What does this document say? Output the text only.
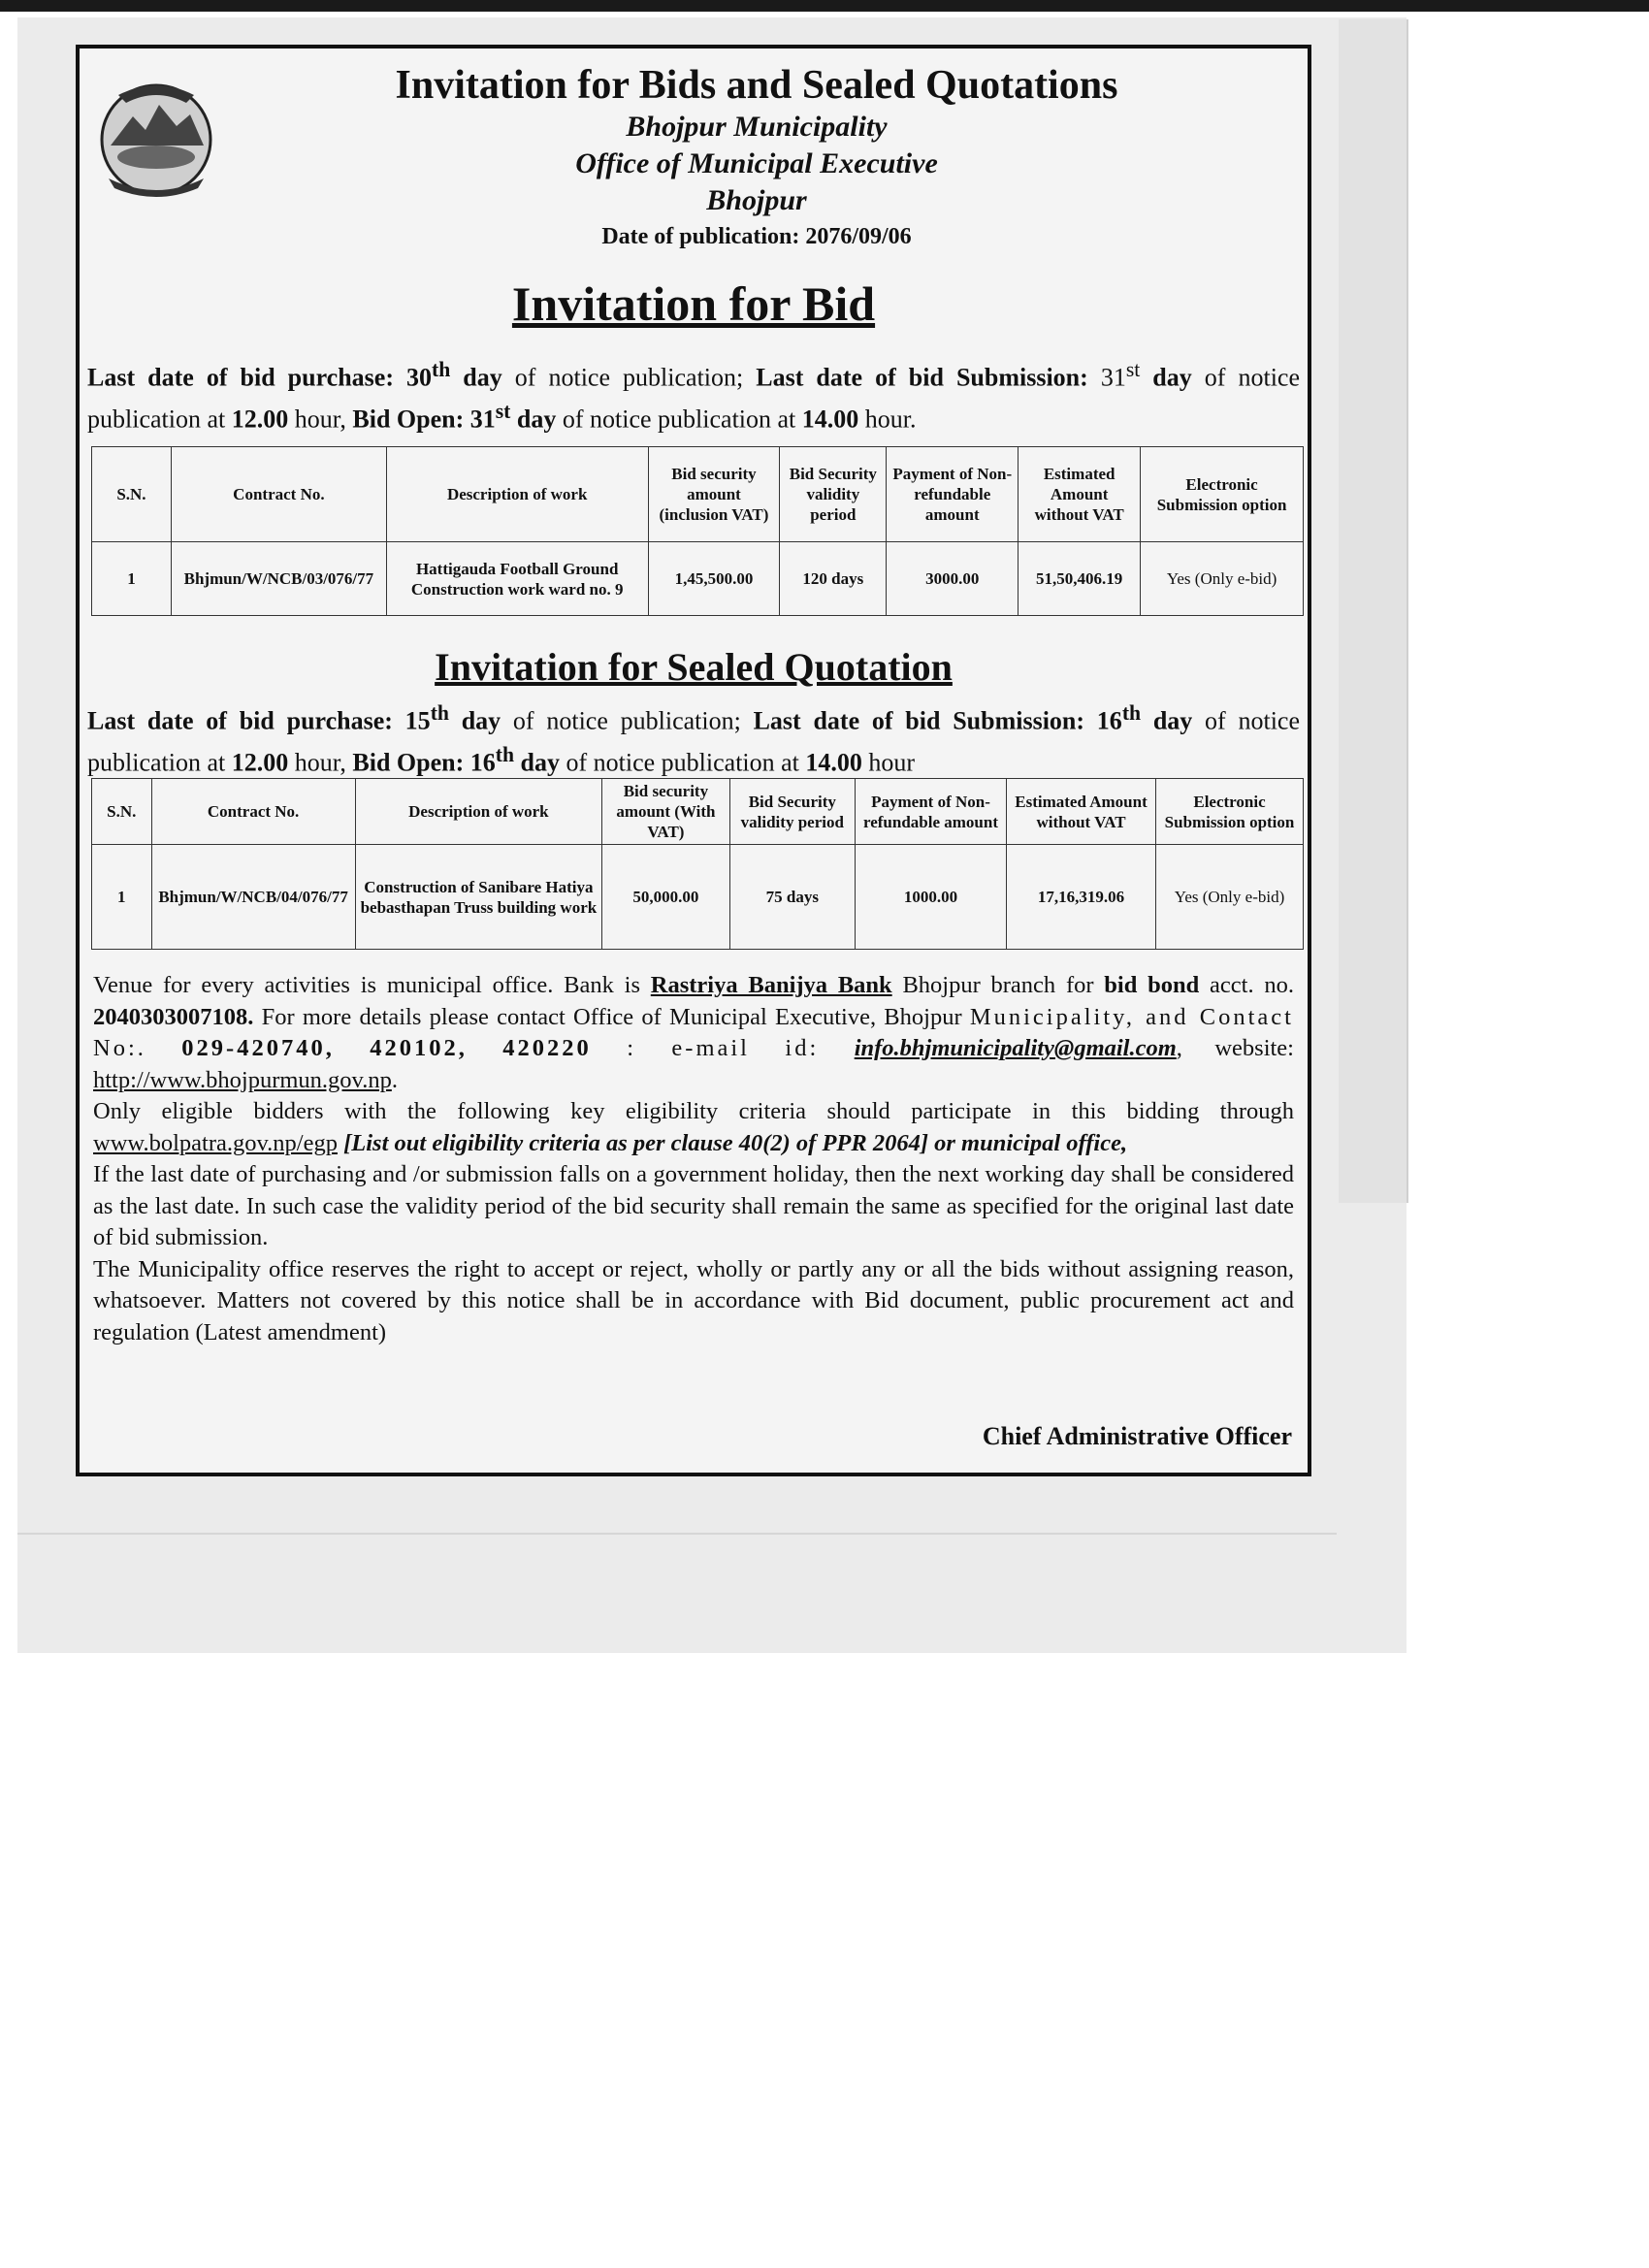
Invitation for Bids and Sealed Quotations

Bhojpur Municipality

Office of Municipal Executive

Bhojpur

Date of publication: 2076/09/06

Invitation for Bid

Last date of bid purchase: 30th day of notice publication; Last date of bid Submission: 31st day of notice publication at 12.00 hour, Bid Open: 31st day of notice publication at 14.00 hour.
S.N.	Contract No.	Description of work	Bid security amount (inclusion VAT)	Bid Security validity period	Payment of Non-refundable amount	Estimated Amount without VAT	Electronic Submission option
1	Bhjmun/W/NCB/03/076/77	Hattigauda Football Ground Construction work ward no. 9	1,45,500.00	120 days	3000.00	51,50,406.19	Yes (Only e-bid)

Invitation for Sealed Quotation

Last date of bid purchase: 15th day of notice publication; Last date of bid Submission: 16th day of notice publication at 12.00 hour, Bid Open: 16th day of notice publication at 14.00 hour
S.N.	Contract No.	Description of work	Bid security amount (With VAT)	Bid Security validity period	Payment of Non-refundable amount	Estimated Amount without VAT	Electronic Submission option
1	Bhjmun/W/NCB/04/076/77	Construction of Sanibare Hatiya bebasthapan Truss building work	50,000.00	75 days	1000.00	17,16,319.06	Yes (Only e-bid)

Venue for every activities is municipal office. Bank is Rastriya Banijya Bank Bhojpur branch for bid bond acct. no. 2040303007108. For more details please contact Office of Municipal Executive, Bhojpur Municipality, and Contact No:. 029-420740, 420102, 420220 : e-mail id: info.bhjmunicipality@gmail.com, website: http://www.bhojpurmun.gov.np.

Only eligible bidders with the following key eligibility criteria should participate in this bidding through www.bolpatra.gov.np/egp [List out eligibility criteria as per clause 40(2) of PPR 2064] or municipal office,

If the last date of purchasing and /or submission falls on a government holiday, then the next working day shall be considered as the last date. In such case the validity period of the bid security shall remain the same as specified for the original last date of bid submission.

The Municipality office reserves the right to accept or reject, wholly or partly any or all the bids without assigning reason, whatsoever. Matters not covered by this notice shall be in accordance with Bid document, public procurement act and regulation (Latest amendment)

Chief Administrative Officer
